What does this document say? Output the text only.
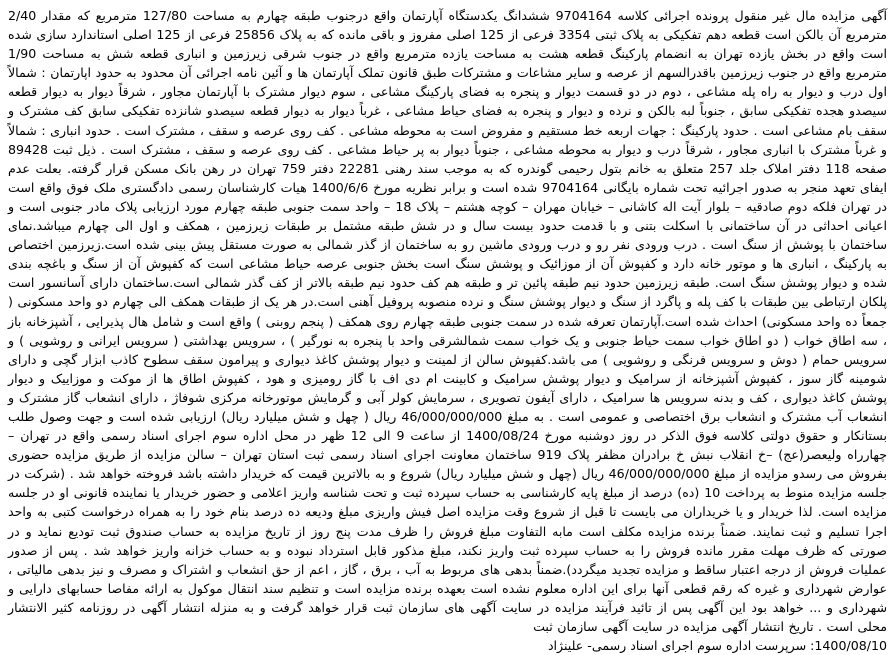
آگهی مزایده مال غیر منقول پرونده اجرائی کلاسه 9704164 ششدانگ یکدستگاه آپارتمان واقع درجنوب طبقه چهارم به مساحت 127/80 مترمربع که مقدار 2/40 مترمربع آن بالکن است قطعه دهم تفکیکی به پلاک ثبتی 3354 فرعی از 125 اصلی مفروز و باقی مانده که به پلاک 25856 فرعی از 125 اصلی استاندارد سازی شده است واقع در بخش یازده تهران به انضمام پارکینگ قطعه هشت به مساحت یازده مترمربع واقع در جنوب شرقی زیرزمین و انباری قطعه شش به مساحت 1/90 مترمربع واقع در جنوب زیرزمین باقدرالسهم از عرصه و سایر مشاعات و مشترکات طبق قانون تملک آپارتمان ها و آئین نامه اجرائی آن محدود به حدود اپارتمان : شمالاً اول درب و دیوار به راه پله مشاعی ، دوم در دو قسمت دیوار و پنجره به فضای پارکینگ مشاعی ، سوم دیوار مشترک با آپارتمان مجاور ، شرقاً دیوار به دیوار قطعه سیصدو هجده تفکیکی سابق ، جنوباً لبه بالکن و نرده و دیوار و پنجره به فضای حیاط مشاعی ، غرباً دیوار به دیوار قطعه سیصدو شانزده تفکیکی سابق کف مشترک و سقف بام مشاعی است . حدود پارکینگ : جهات اربعه خط مستقیم و مفروض است به محوطه مشاعی . کف روی عرصه و سقف ، مشترک است . حدود انباری : شمالاً و غرباً مشترک با انباری مجاور ، شرقاً درب و دیوار به محوطه مشاعی ، جنوباً دیوار به پر حیاط مشاعی . کف روی عرصه و سقف ، مشترک است . ذیل ثبت 89428 صفحه 118 دفتر املاک جلد 257 متعلق به خانم بتول رحیمی گوندره که به موجب سند رهنی 22281 دفتر 759 تهران در رهن بانک مسکن قرار گرفته. بعلت عدم ایفای تعهد منجر به صدور اجرائیه تحت شماره بایگانی 9704164 شده است و برابر نظریه مورخ 1400/6/6 هیات کارشناسان رسمی دادگستری ملک فوق واقع است در تهران فلکه دوم صادقیه – بلوار آیت اله کاشانی – خیابان مهران – کوچه هشتم – پلاک 18 – واحد سمت جنوبی طبقه چهارم مورد ارزیابی پلاک مادر جنوبی است و اعیانی احداثی در آن ساختمانی با اسکلت بتنی و با قدمت حدود بیست سال و در شش طبقه مشتمل بر طبقات زیرزمین ، همکف و اول الی چهارم میباشد.نمای ساختمان با پوشش از سنگ است . درب ورودی نفر رو و درب ورودی ماشین رو به ساختمان از گذر شمالی به صورت مستقل پیش بینی شده است.زیرزمین اختصاص به پارکینگ ، انباری ها و موتور خانه دارد و کفپوش آن از موزائیک و پوشش سنگ است بخش جنوبی عرصه حیاط مشاعی است که کفپوش آن از سنگ و باغچه بندی شده و دیوار پوشش سنگ است. طبقه زیرزمین حدود نیم طبقه پائین تر و طبقه هم کف حدود نیم طبقه بالاتر از کف گذر شمالی است.ساختمان دارای آسانسور است پلکان ارتباطی بین طبقات با کف پله و پاگرد از سنگ و دیوار پوشش سنگ و نرده منصوبه پروفیل آهنی است.در هر یک از طبقات همکف الی چهارم دو واحد مسکونی ( جمعاً ده واحد مسکونی) احداث شده است.آپارتمان تعرفه شده در سمت جنوبی طبقه چهارم روی همکف ( پنجم روبنی ) واقع است و شامل هال پذیرایی ، آشپزخانه باز ، سه اطاق خواب ( دو اطاق خواب سمت حیاط جنوبی و یک خواب سمت شمالشرقی واحد با پنجره به نورگیر ) ، سرویس بهداشتی ( سرویس ایرانی و روشویی ) و سرویس حمام ( دوش و سرویس فرنگی و روشویی ) می باشد.کفپوش سالن از لمینت و دیوار پوشش کاغذ دیواری و پیرامون سقف سطوح کاذب ابزار گچی و دارای شومینه گاز سوز ، کفپوش آشپزخانه از سرامیک و دیوار پوشش سرامیک و کابینت ام دی اف با گاز رومیزی و هود ، کفپوش اطاق ها از موکت و موزاییک و دیوار پوشش کاغذ دیواری ، کف و بدنه سرویس ها سرامیک ، دارای آیفون تصویری ، سرمایش کولر آبی و گرمایش موتورخانه مرکزی شوفاژ ، دارای انشعاب گاز مشترک و انشعاب آب مشترک و انشعاب برق اختصاصی و عمومی است . به مبلغ 46/000/000/000 ریال ( چهل و شش میلیارد ریال) ارزیابی شده است و جهت وصول طلب بستانکار و حقوق دولتی کلاسه فوق الذکر در روز دوشنبه مورخ 1400/08/24 از ساعت 9 الی 12 ظهر در محل اداره سوم اجرای اسناد رسمی واقع در تهران – چهارراه ولیعصر(عج) –خ انقلاب نبش خ برادران مظفر پلاک 919 ساختمان معاونت اجرای اسناد رسمی ثبت استان تهران – سالن مزایده از طریق مزایده حضوری بفروش می رسدو مزایده از مبلغ 46/000/000/000 ریال (چهل و شش میلیارد ریال) شروع و به بالاترین قیمت که خریدار داشته باشد فروخته خواهد شد . (شرکت در جلسه مزایده منوط به پرداخت 10 (ده) درصد از مبلغ پایه کارشناسی به حساب سپرده ثبت و تحت شناسه واریز اعلامی و حضور خریدار یا نماینده قانونی او در جلسه مزایده است. لذا خریدار و یا خریداران می بایست تا قبل از شروع وقت مزایده اصل فیش واریزی مبلغ ودیعه ده درصد بنام خود را به همراه درخواست کتبی به واحد اجرا تسلیم و ثبت نمایند. ضمناً برنده مزایده مکلف است مابه التفاوت مبلغ فروش را ظرف مدت پنج روز از تاریخ مزایده به حساب صندوق ثبت تودیع نماید و در صورتی که ظرف مهلت مقرر مانده فروش را به حساب سپرده ثبت واریز نکند، مبلغ مذکور قابل استرداد نبوده و به حساب خزانه واریز خواهد شد . پس از صدور عملیات فروش از درجه اعتبار ساقط و مزایده تجدید میگردد).ضمناً بدهی های مربوط به آب ، برق ، گاز ، اعم از حق انشعاب و اشتراک و مصرف و نیز بدهی مالیاتی ، عوارض شهرداری و غیره که رقم قطعی آنها برای این اداره معلوم نشده است بعهده برنده مزایده است و تنظیم سند انتقال موکول به ارائه مفاصا حسابهای دارایی و شهرداری و ... خواهد بود این آگهی پس از تائید فرآیند مزایده در سایت آگهی های سازمان ثبت قرار خواهد گرفت و به منزله انتشار آگهی در روزنامه کثیر الانتشار محلی است . تاریخ انتشار آگهی مزایده در سایت آگهی سازمان ثبت

1400/08/10: سرپرست اداره سوم اجرای اسناد رسمی- علینژاد
